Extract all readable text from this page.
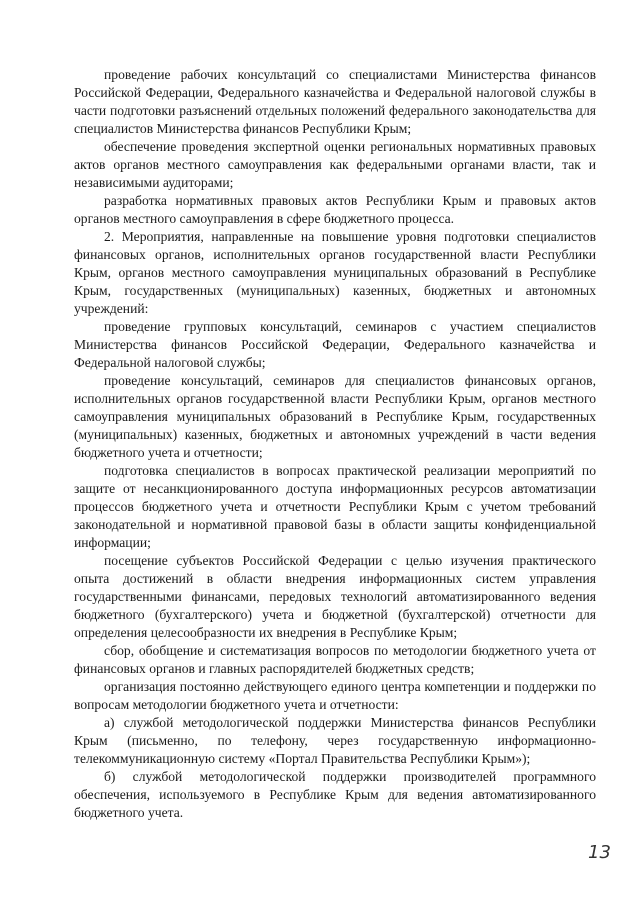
проведение рабочих консультаций со специалистами Министерства финансов Российской Федерации, Федерального казначейства и Федеральной налоговой службы в части подготовки разъяснений отдельных положений федерального законодательства для специалистов Министерства финансов Республики Крым;

обеспечение проведения экспертной оценки региональных нормативных правовых актов органов местного самоуправления как федеральными органами власти, так и независимыми аудиторами;

разработка нормативных правовых актов Республики Крым и правовых актов органов местного самоуправления в сфере бюджетного процесса.

2. Мероприятия, направленные на повышение уровня подготовки специалистов финансовых органов, исполнительных органов государственной власти Республики Крым, органов местного самоуправления муниципальных образований в Республике Крым, государственных (муниципальных) казенных, бюджетных и автономных учреждений:

проведение групповых консультаций, семинаров с участием специалистов Министерства финансов Российской Федерации, Федерального казначейства и Федеральной налоговой службы;

проведение консультаций, семинаров для специалистов финансовых органов, исполнительных органов государственной власти Республики Крым, органов местного самоуправления муниципальных образований в Республике Крым, государственных (муниципальных) казенных, бюджетных и автономных учреждений в части ведения бюджетного учета и отчетности;

подготовка специалистов в вопросах практической реализации мероприятий по защите от несанкционированного доступа информационных ресурсов автоматизации процессов бюджетного учета и отчетности Республики Крым с учетом требований законодательной и нормативной правовой базы в области защиты конфиденциальной информации;

посещение субъектов Российской Федерации с целью изучения практического опыта достижений в области внедрения информационных систем управления государственными финансами, передовых технологий автоматизированного ведения бюджетного (бухгалтерского) учета и бюджетной (бухгалтерской) отчетности для определения целесообразности их внедрения в Республике Крым;

сбор, обобщение и систематизация вопросов по методологии бюджетного учета от финансовых органов и главных распорядителей бюджетных средств;

организация постоянно действующего единого центра компетенции и поддержки по вопросам методологии бюджетного учета и отчетности:

а) службой методологической поддержки Министерства финансов Республики Крым (письменно, по телефону, через государственную информационно-телекоммуникационную систему «Портал Правительства Республики Крым»);

б) службой методологической поддержки производителей программного обеспечения, используемого в Республике Крым для ведения автоматизированного бюджетного учета.

13
